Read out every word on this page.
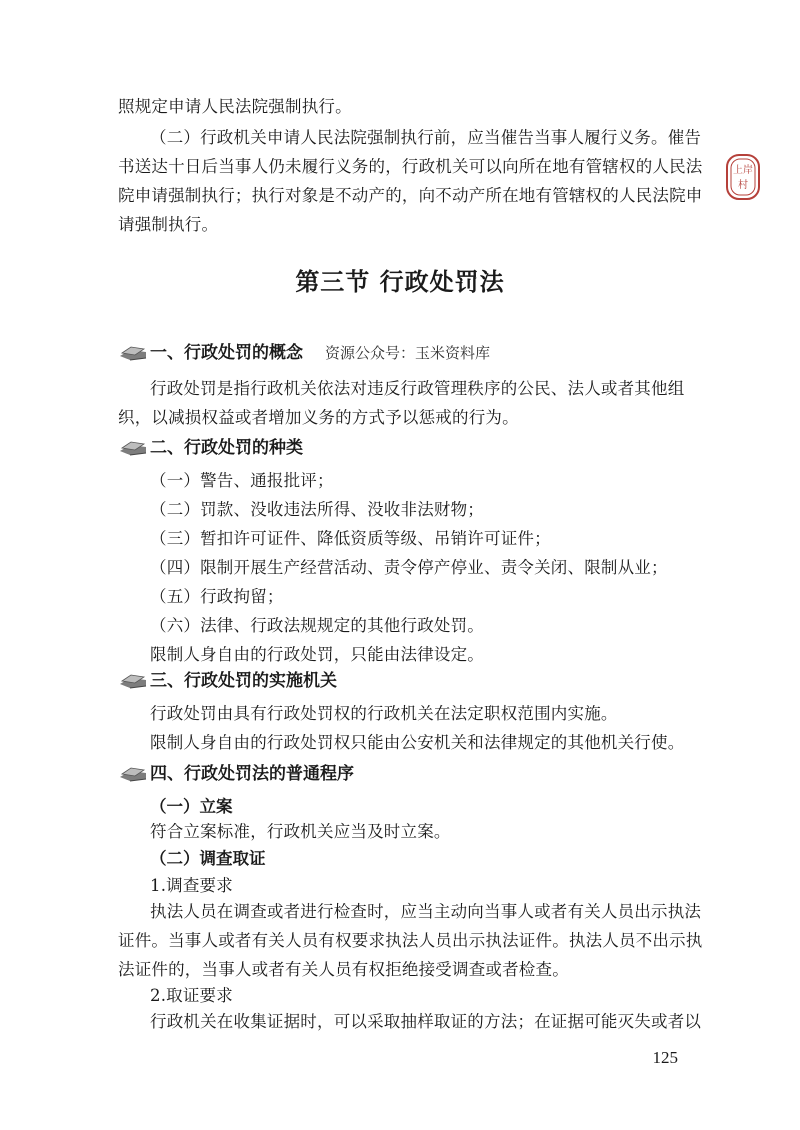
上岸
村
照规定申请人民法院强制执行。
（二）行政机关申请人民法院强制执行前，应当催告当事人履行义务。催告
书送达十日后当事人仍未履行义务的，行政机关可以向所在地有管辖权的人民法
院申请强制执行；执行对象是不动产的，向不动产所在地有管辖权的人民法院申
请强制执行。
第三节 行政处罚法
一、行政处罚的概念 资源公众号：玉米资料库
行政处罚是指行政机关依法对违反行政管理秩序的公民、法人或者其他组
织，以减损权益或者增加义务的方式予以惩戒的行为。
二、行政处罚的种类
（一）警告、通报批评；
（二）罚款、没收违法所得、没收非法财物；
（三）暂扣许可证件、降低资质等级、吊销许可证件；
（四）限制开展生产经营活动、责令停产停业、责令关闭、限制从业；
（五）行政拘留；
（六）法律、行政法规规定的其他行政处罚。
限制人身自由的行政处罚，只能由法律设定。
三、行政处罚的实施机关
行政处罚由具有行政处罚权的行政机关在法定职权范围内实施。
限制人身自由的行政处罚权只能由公安机关和法律规定的其他机关行使。
四、行政处罚法的普通程序
（一）立案
符合立案标准，行政机关应当及时立案。
（二）调查取证
1.调查要求
执法人员在调查或者进行检查时，应当主动向当事人或者有关人员出示执法
证件。当事人或者有关人员有权要求执法人员出示执法证件。执法人员不出示执
法证件的，当事人或者有关人员有权拒绝接受调查或者检查。
2.取证要求
行政机关在收集证据时，可以采取抽样取证的方法；在证据可能灭失或者以
125
